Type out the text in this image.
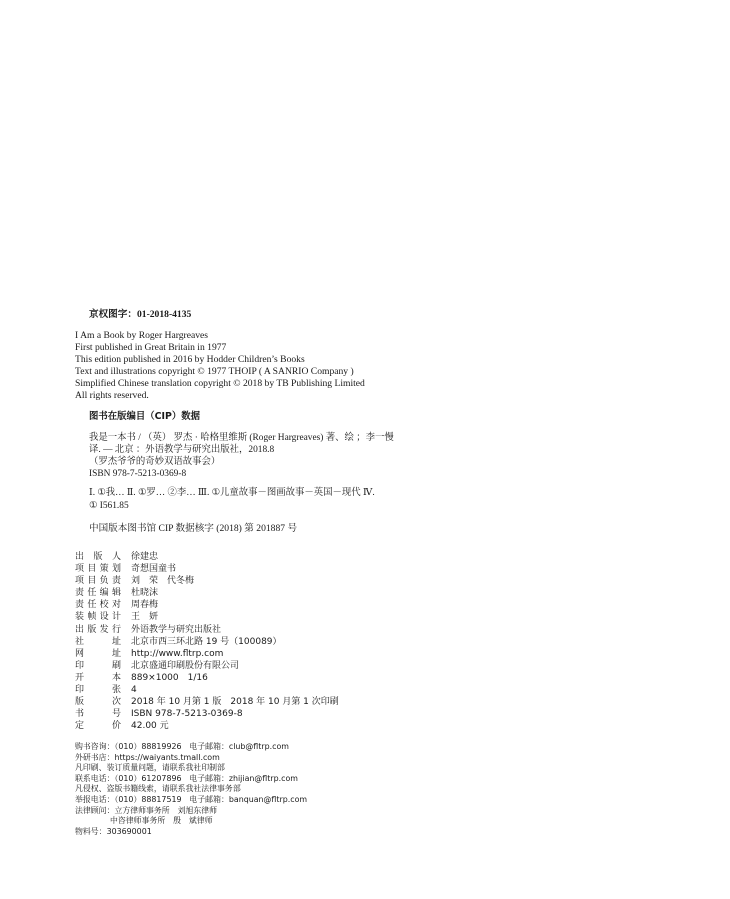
京权图字：01-2018-4135
I Am a Book by Roger Hargreaves
First published in Great Britain in 1977
This edition published in 2016 by Hodder Children’s Books
Text and illustrations copyright © 1977 THOIP ( A SANRIO Company )
Simplified Chinese translation copyright © 2018 by TB Publishing Limited
All rights reserved.
图书在版编目（CIP）数据
我是一本书 / （英） 罗杰 · 哈格里维斯 (Roger Hargreaves) 著、绘 ；李一慢
译. — 北京 ：外语教学与研究出版社，2018.8
（罗杰爷爷的奇妙双语故事会）
ISBN 978-7-5213-0369-8
Ⅰ. ①我… Ⅱ. ①罗… ②李… Ⅲ. ①儿童故事－图画故事－英国－现代 Ⅳ.
① I561.85
中国版本图书馆 CIP 数据核字 (2018) 第 201887 号
出 版 人 徐建忠
项目策划 奇想国童书
项目负责 刘　荣　代冬梅
责任编辑 杜晓沫
责任校对 周春梅
装帧设计 王　妍
出版发行 外语教学与研究出版社
社　　址 北京市西三环北路 19 号（100089）
网　　址 http://www.fltrp.com
印　　刷 北京盛通印刷股份有限公司
开　　本 889×1000　1/16
印　　张 4
版　　次 2018 年 10 月第 1 版　2018 年 10 月第 1 次印刷
书　　号 ISBN 978-7-5213-0369-8
定　　价 42.00 元
购书咨询：（010）88819926　电子邮箱：club@fltrp.com
外研书店：https://waiyants.tmall.com
凡印刷、装订质量问题，请联系我社印制部
联系电话：（010）61207896　电子邮箱：zhijian@fltrp.com
凡侵权、盗版书籍线索，请联系我社法律事务部
举报电话：（010）88817519　电子邮箱：banquan@fltrp.com
法律顾问：立方律师事务所　刘旭东律师
中咨律师事务所　殷　斌律师
物料号：303690001
